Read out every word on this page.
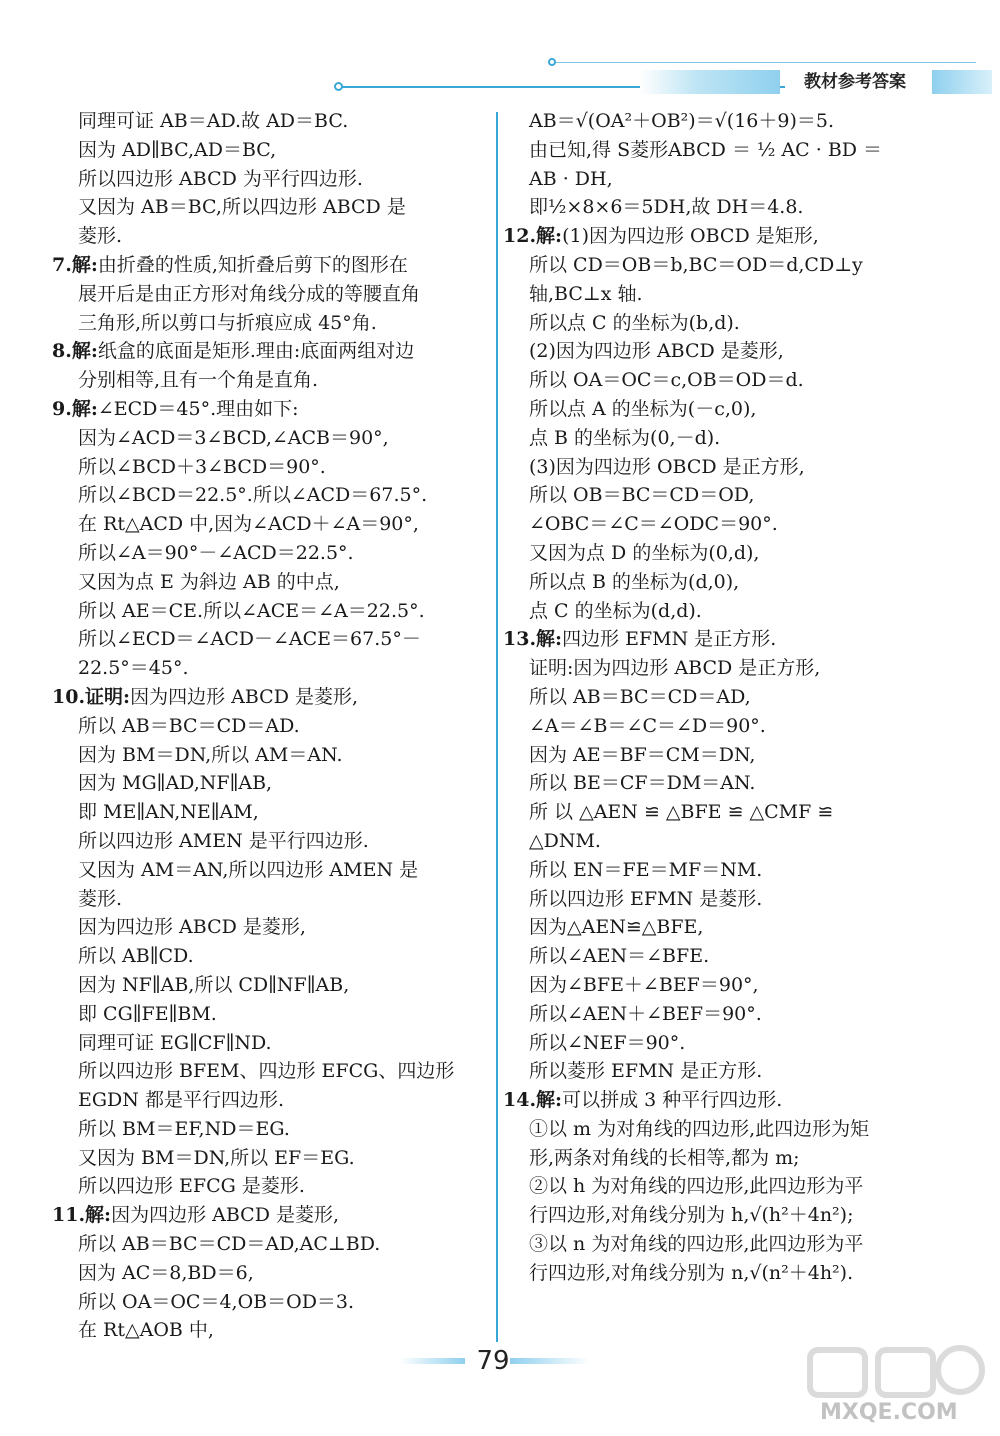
教材参考答案
同理可证 AB＝AD.故 AD＝BC.
因为 AD∥BC,AD＝BC,
所以四边形 ABCD 为平行四边形.
又因为 AB＝BC,所以四边形 ABCD 是
菱形.
7.解:由折叠的性质,知折叠后剪下的图形在
展开后是由正方形对角线分成的等腰直角
三角形,所以剪口与折痕应成 45°角.
8.解:纸盒的底面是矩形.理由:底面两组对边
分别相等,且有一个角是直角.
9.解:∠ECD＝45°.理由如下:
因为∠ACD＝3∠BCD,∠ACB＝90°,
所以∠BCD＋3∠BCD＝90°.
所以∠BCD＝22.5°.所以∠ACD＝67.5°.
在 Rt△ACD 中,因为∠ACD＋∠A＝90°,
所以∠A＝90°－∠ACD＝22.5°.
又因为点 E 为斜边 AB 的中点,
所以 AE＝CE.所以∠ACE＝∠A＝22.5°.
所以∠ECD＝∠ACD－∠ACE＝67.5°－
22.5°＝45°.
10.证明:因为四边形 ABCD 是菱形,
所以 AB＝BC＝CD＝AD.
因为 BM＝DN,所以 AM＝AN.
因为 MG∥AD,NF∥AB,
即 ME∥AN,NE∥AM,
所以四边形 AMEN 是平行四边形.
又因为 AM＝AN,所以四边形 AMEN 是
菱形.
因为四边形 ABCD 是菱形,
所以 AB∥CD.
因为 NF∥AB,所以 CD∥NF∥AB,
即 CG∥FE∥BM.
同理可证 EG∥CF∥ND.
所以四边形 BFEM、四边形 EFCG、四边形
EGDN 都是平行四边形.
所以 BM＝EF,ND＝EG.
又因为 BM＝DN,所以 EF＝EG.
所以四边形 EFCG 是菱形.
11.解:因为四边形 ABCD 是菱形,
所以 AB＝BC＝CD＝AD,AC⊥BD.
因为 AC＝8,BD＝6,
所以 OA＝OC＝4,OB＝OD＝3.
在 Rt△AOB 中,
AB＝√(OA²＋OB²)＝√(16＋9)＝5.
由已知,得 S菱形ABCD ＝ ½ AC · BD ＝
AB · DH,
即½×8×6＝5DH,故 DH＝4.8.
12.解:(1)因为四边形 OBCD 是矩形,
所以 CD＝OB＝b,BC＝OD＝d,CD⊥y
轴,BC⊥x 轴.
所以点 C 的坐标为(b,d).
(2)因为四边形 ABCD 是菱形,
所以 OA＝OC＝c,OB＝OD＝d.
所以点 A 的坐标为(－c,0),
点 B 的坐标为(0,－d).
(3)因为四边形 OBCD 是正方形,
所以 OB＝BC＝CD＝OD,
∠OBC＝∠C＝∠ODC＝90°.
又因为点 D 的坐标为(0,d),
所以点 B 的坐标为(d,0),
点 C 的坐标为(d,d).
13.解:四边形 EFMN 是正方形.
证明:因为四边形 ABCD 是正方形,
所以 AB＝BC＝CD＝AD,
∠A＝∠B＝∠C＝∠D＝90°.
因为 AE＝BF＝CM＝DN,
所以 BE＝CF＝DM＝AN.
所 以 △AEN ≌ △BFE ≌ △CMF ≌
△DNM.
所以 EN＝FE＝MF＝NM.
所以四边形 EFMN 是菱形.
因为△AEN≌△BFE,
所以∠AEN＝∠BFE.
因为∠BFE＋∠BEF＝90°,
所以∠AEN＋∠BEF＝90°.
所以∠NEF＝90°.
所以菱形 EFMN 是正方形.
14.解:可以拼成 3 种平行四边形.
①以 m 为对角线的四边形,此四边形为矩
形,两条对角线的长相等,都为 m;
②以 h 为对角线的四边形,此四边形为平
行四边形,对角线分别为 h,√(h²＋4n²);
③以 n 为对角线的四边形,此四边形为平
行四边形,对角线分别为 n,√(n²＋4h²).
79
MXQE.COM
